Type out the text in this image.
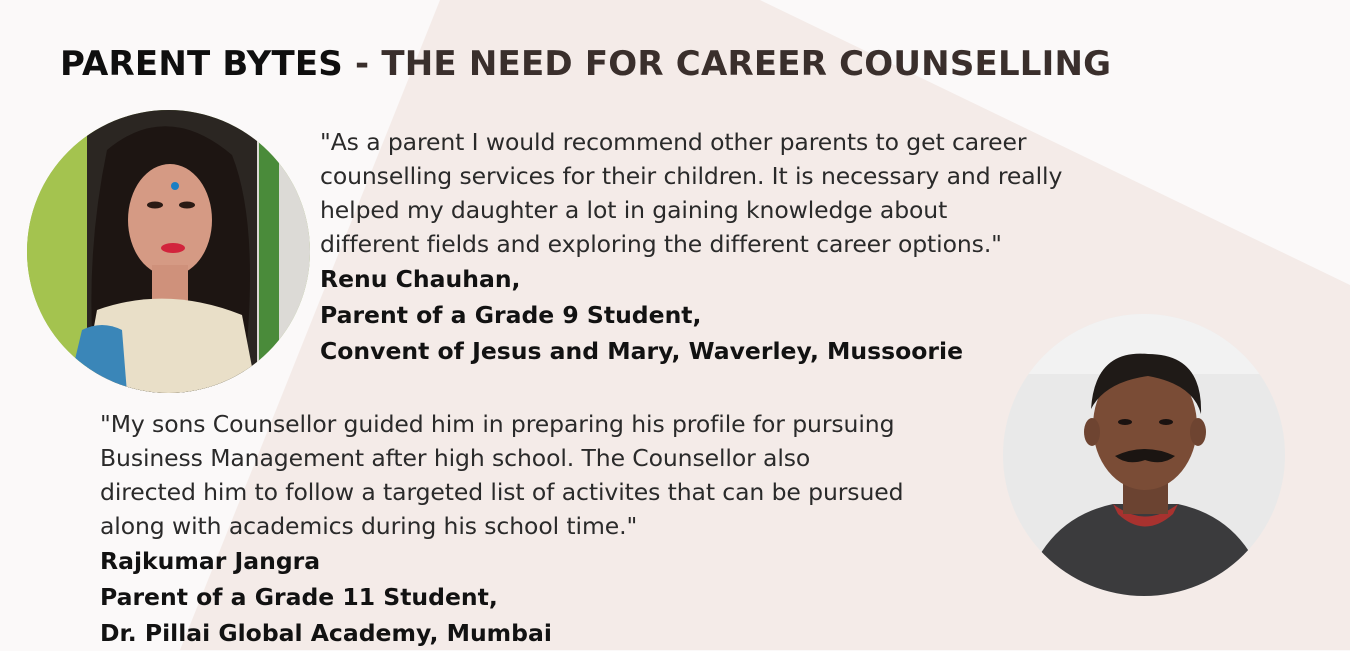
PARENT BYTES - THE NEED FOR CAREER COUNSELLING

"As a parent I would recommend other parents to get career
counselling services for their children. It is necessary and really
helped my daughter a lot in gaining knowledge about
different fields and exploring the different career options."

Renu Chauhan,

Parent of a Grade 9 Student,

Convent of Jesus and Mary, Waverley, Mussoorie

"My sons Counsellor guided him in preparing his profile for pursuing
Business Management after high school. The Counsellor also
directed him to follow a targeted list of activites that can be pursued
along with academics during his school time."

Rajkumar Jangra

Parent of a Grade 11 Student,

Dr. Pillai Global Academy, Mumbai
